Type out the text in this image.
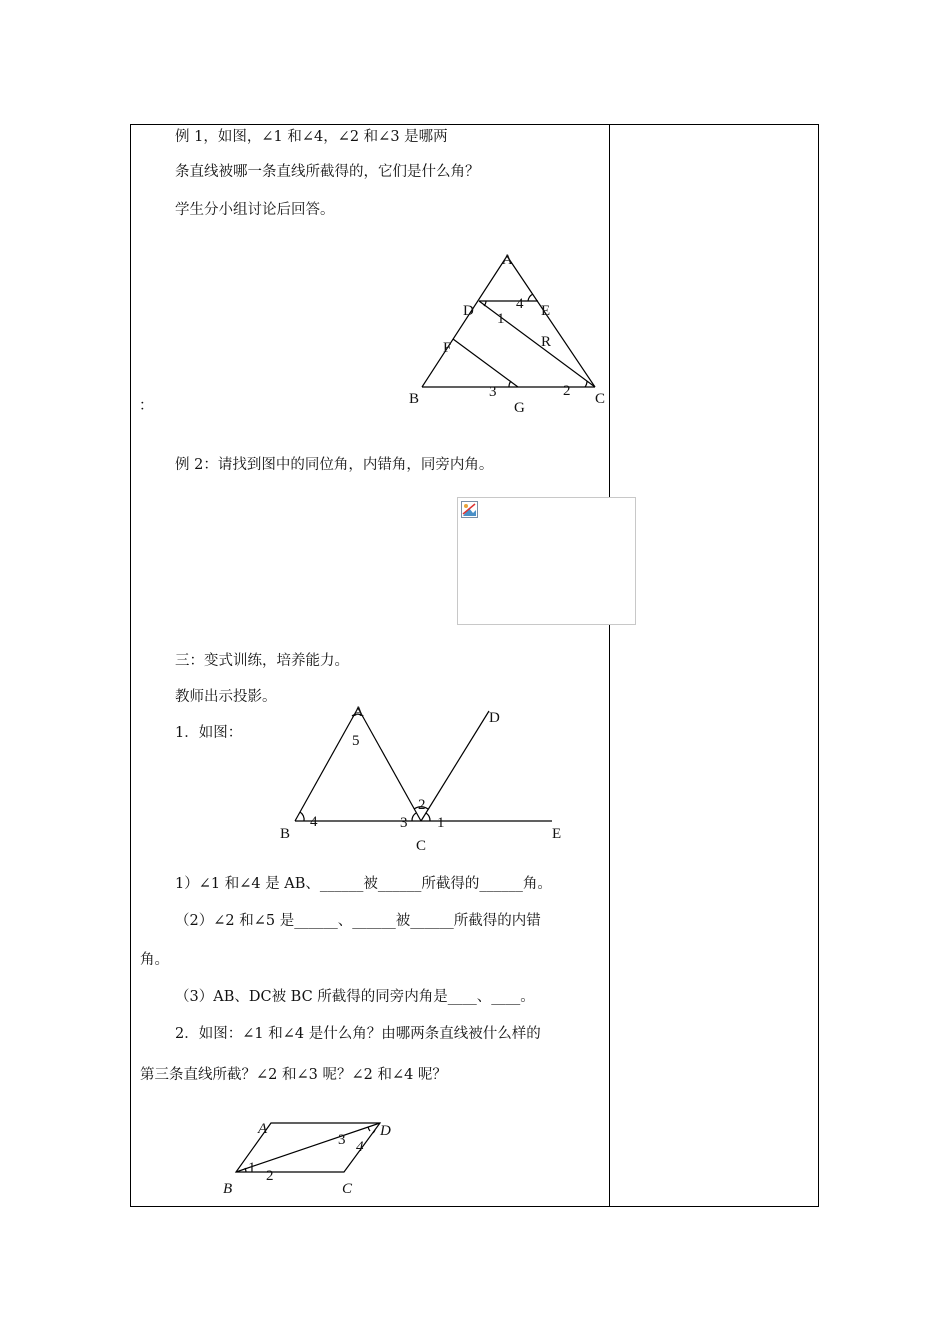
例 1，如图，∠1 和∠4，∠2 和∠3 是哪两
条直线被哪一条直线所截得的，它们是什么角？
学生分小组讨论后回答。
：
A
D	4 E
1
F	R
B	3	2 C
G
例 2：请找到图中的同位角，内错角，同旁内角。
三：变式训练，培养能力。
教师出示投影。
1．如图：
A
5
D
2
B
4	3 1
E
C
1）∠1 和∠4 是 AB、______被______所截得的______角。
（2）∠2 和∠5 是______、______被______所截得的内错
角。
（3）AB、DC被 BC 所截得的同旁内角是____、____。
2．如图：∠1 和∠4 是什么角？由哪两条直线被什么样的
第三条直线所截？∠2 和∠3 呢？∠2 和∠4 呢？
A
3
D
4
1 2
B	C
